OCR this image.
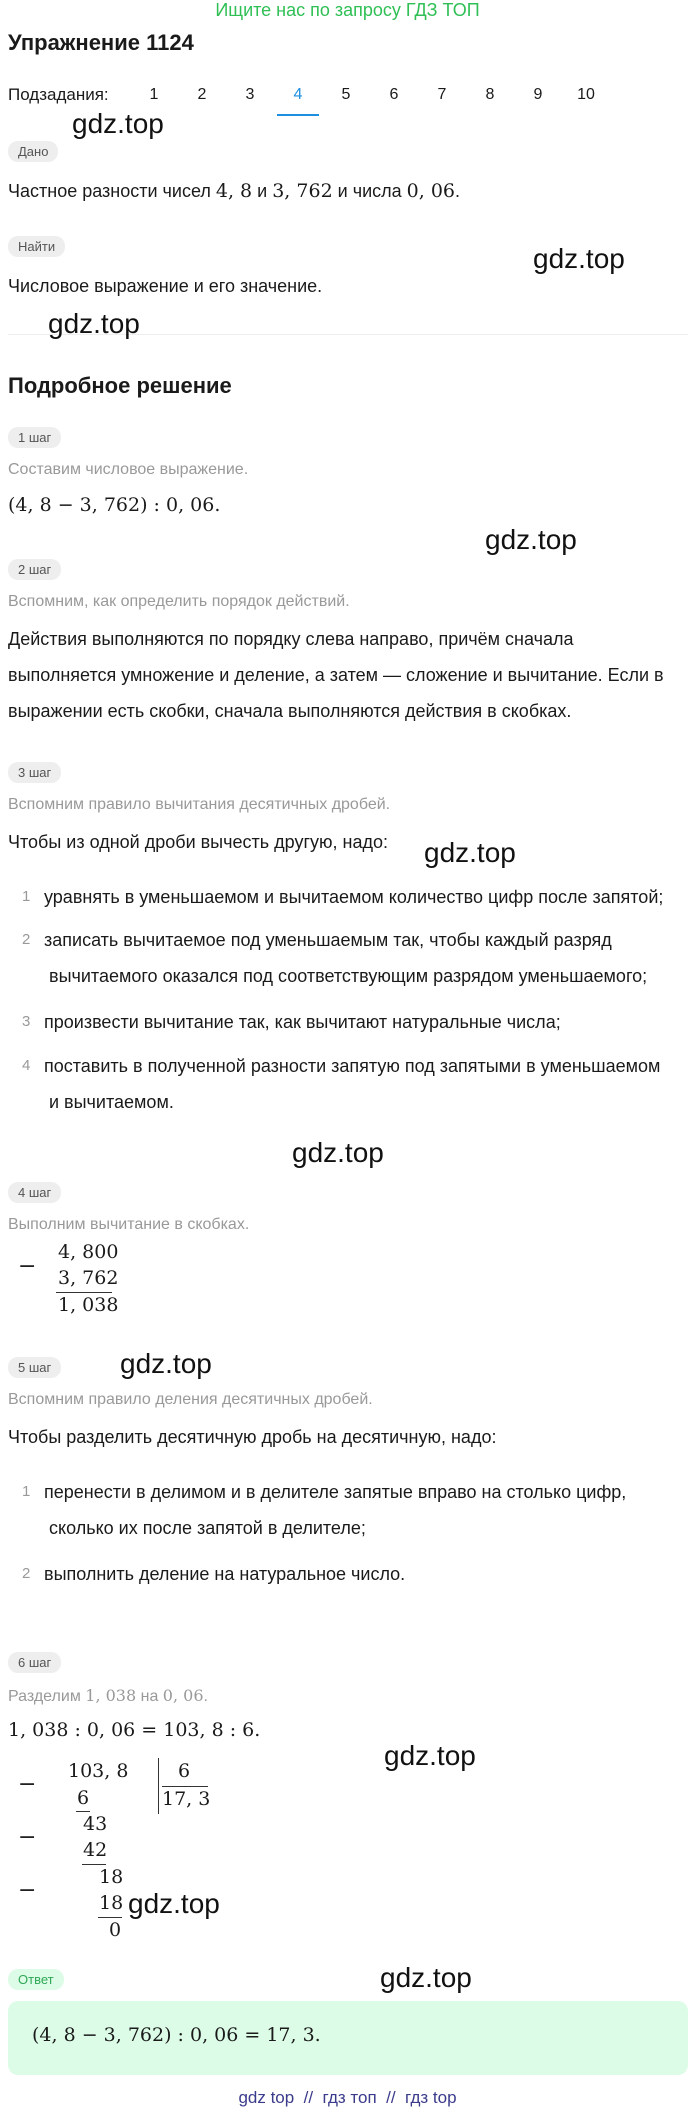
Ищите нас по запросу ГДЗ ТОП
Упражнение 1124
Подзадания:	1	2	3	4	5	6	7	8	9	10
Дано
Частное разности чисел 4, 8 и 3, 762 и числа 0, 06.
Найти
Числовое выражение и его значение.
Подробное решение
1 шаг
Составим числовое выражение.
(4, 8 − 3, 762) : 0, 06.
2 шаг
Вспомним, как определить порядок действий.
Действия выполняются по порядку слева направо, причём сначала
выполняется умножение и деление, а затем — сложение и вычитание. Если в
выражении есть скобки, сначала выполняются действия в скобках.
3 шаг
Вспомним правило вычитания десятичных дробей.
Чтобы из одной дроби вычесть другую, надо:
1 уравнять в уменьшаемом и вычитаемом количество цифр после запятой;
2 записать вычитаемое под уменьшаемым так, чтобы каждый разряд
вычитаемого оказался под соответствующим разрядом уменьшаемого;
3 произвести вычитание так, как вычитают натуральные числа;
4 поставить в полученной разности запятую под запятыми в уменьшаемом
и вычитаемом.
4 шаг
Выполним вычитание в скобках.
−
4, 800
3, 762
1, 038
5 шаг
Вспомним правило деления десятичных дробей.
Чтобы разделить десятичную дробь на десятичную, надо:
1 перенести в делимом и в делителе запятые вправо на столько цифр,
сколько их после запятой в делителе;
2 выполнить деление на натуральное число.
6 шаг
Разделим 1, 038 на 0, 06.
1, 038 : 0, 06 = 103, 8 : 6.
103, 8	6
17, 3
−
6
43
− 42
18
−	18
0
Ответ
(4, 8 − 3, 762) : 0, 06 = 17, 3.
gdz.top
gdz.top
gdz.top
gdz.top
gdz.top
gdz.top
gdz.top
gdz.top
gdz.top
gdz.top
gdz top  //  гдз топ  //  гдз top
